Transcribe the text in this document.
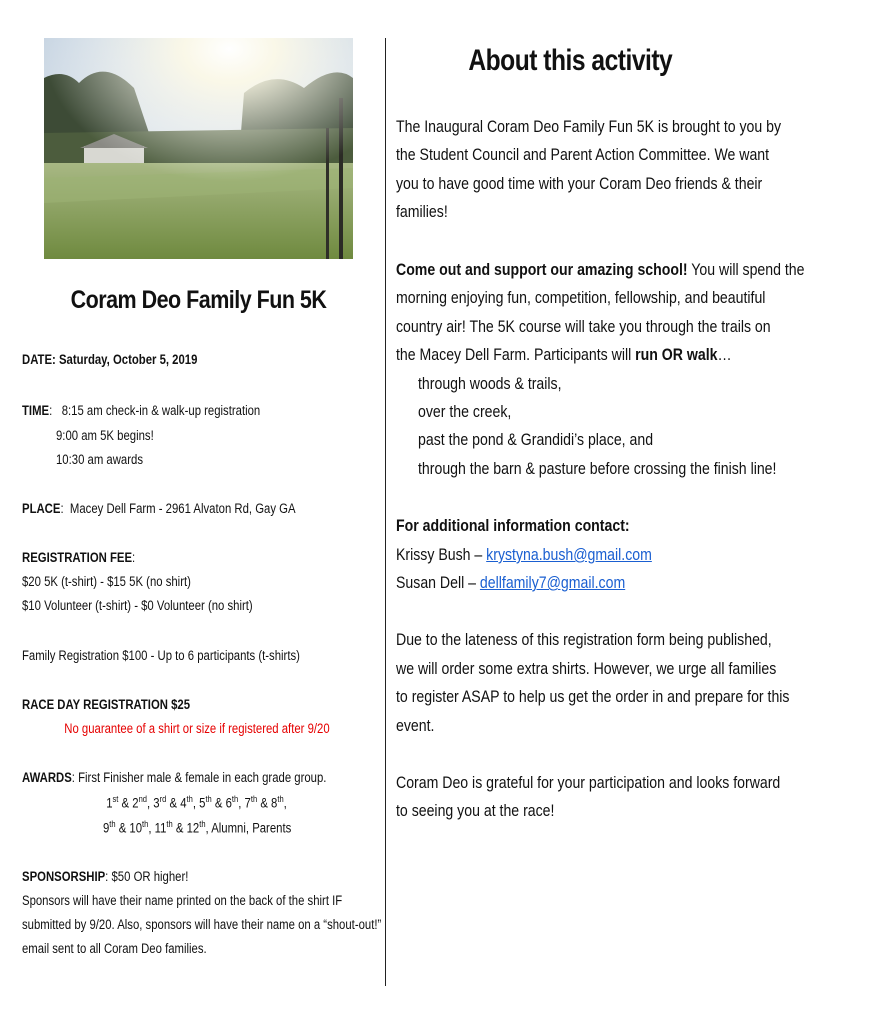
Coram Deo Family Fun 5K
DATE: Saturday, October 5, 2019
TIME:   8:15 am check-in & walk-up registration
9:00 am 5K begins!
10:30 am awards
PLACE:  Macey Dell Farm - 2961 Alvaton Rd, Gay GA
REGISTRATION FEE:
$20 5K (t-shirt) - $15 5K (no shirt)
$10 Volunteer (t-shirt) - $0 Volunteer (no shirt)
Family Registration $100 - Up to 6 participants (t-shirts)
RACE DAY REGISTRATION $25
No guarantee of a shirt or size if registered after 9/20
AWARDS: First Finisher male & female in each grade group.
1st & 2nd, 3rd & 4th, 5th & 6th, 7th & 8th,
9th & 10th, 11th & 12th, Alumni, Parents
SPONSORSHIP: $50 OR higher!
Sponsors will have their name printed on the back of the shirt IF
submitted by 9/20. Also, sponsors will have their name on a “shout-out!”
email sent to all Coram Deo families.
About this activity
The Inaugural Coram Deo Family Fun 5K is brought to you by
the Student Council and Parent Action Committee. We want
you to have good time with your Coram Deo friends & their
families!
Come out and support our amazing school! You will spend the
morning enjoying fun, competition, fellowship, and beautiful
country air! The 5K course will take you through the trails on
the Macey Dell Farm. Participants will run OR walk…
through woods & trails,
over the creek,
past the pond & Grandidi’s place, and
through the barn & pasture before crossing the finish line!
For additional information contact:
Krissy Bush – krystyna.bush@gmail.com
Susan Dell – dellfamily7@gmail.com
Due to the lateness of this registration form being published,
we will order some extra shirts. However, we urge all families
to register ASAP to help us get the order in and prepare for this
event.
Coram Deo is grateful for your participation and looks forward
to seeing you at the race!
